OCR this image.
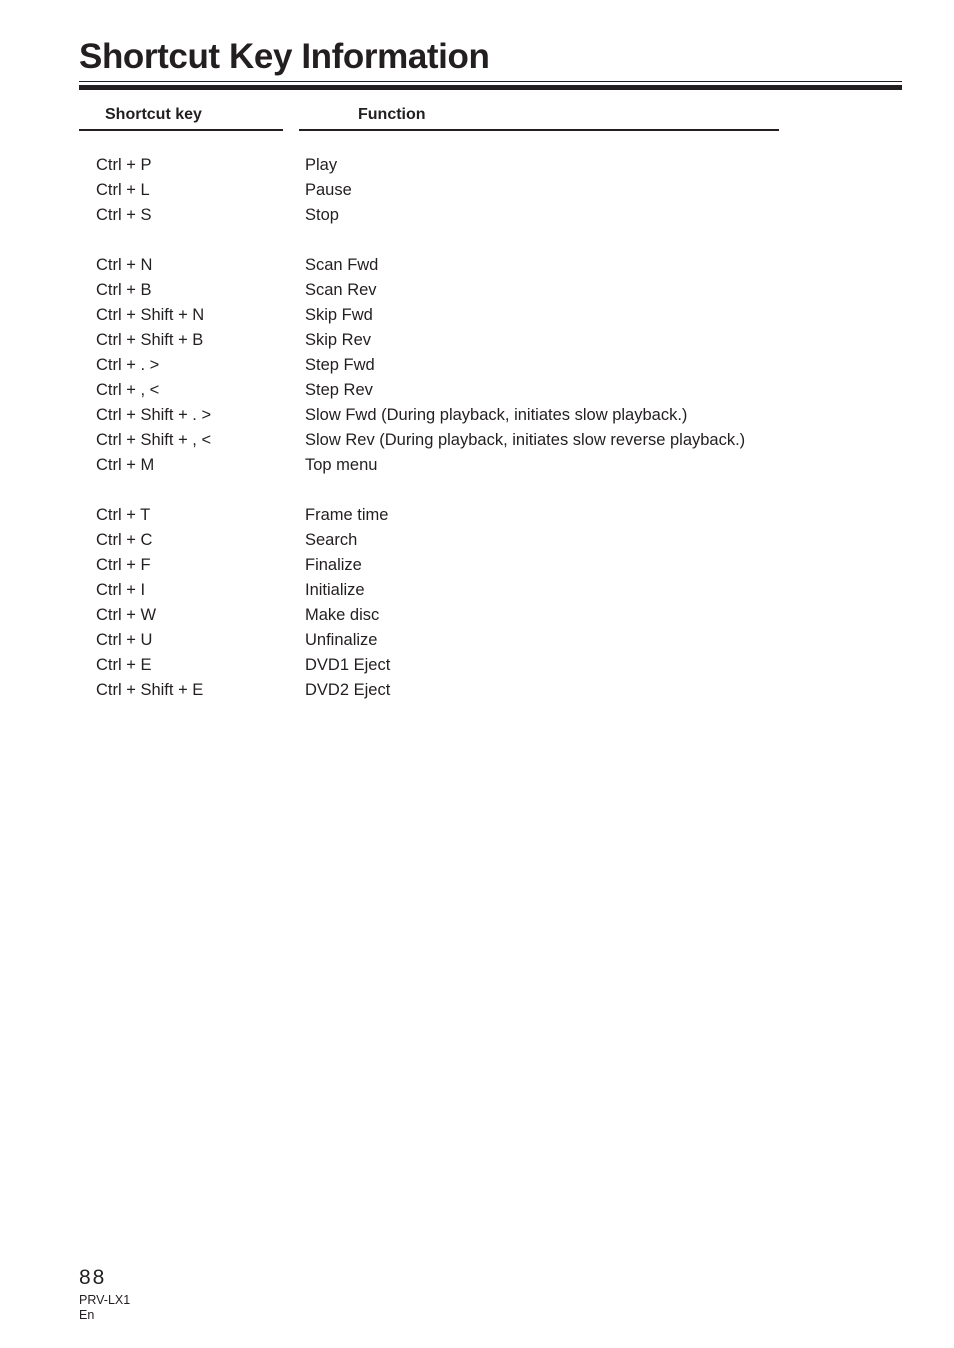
Shortcut Key Information
Shortcut key	Function
Ctrl + P	Play
Ctrl + L	Pause
Ctrl + S	Stop
Ctrl + N	Scan Fwd
Ctrl + B	Scan Rev
Ctrl + Shift + N	Skip Fwd
Ctrl + Shift + B	Skip Rev
Ctrl + . >	Step Fwd
Ctrl + , <	Step Rev
Ctrl + Shift + . >	Slow Fwd (During playback, initiates slow playback.)
Ctrl + Shift + , <	Slow Rev (During playback, initiates slow reverse playback.)
Ctrl + M	Top menu
Ctrl + T	Frame time
Ctrl + C	Search
Ctrl + F	Finalize
Ctrl + I	Initialize
Ctrl + W	Make disc
Ctrl + U	Unfinalize
Ctrl + E	DVD1 Eject
Ctrl + Shift + E	DVD2 Eject
88
PRV-LX1
En
